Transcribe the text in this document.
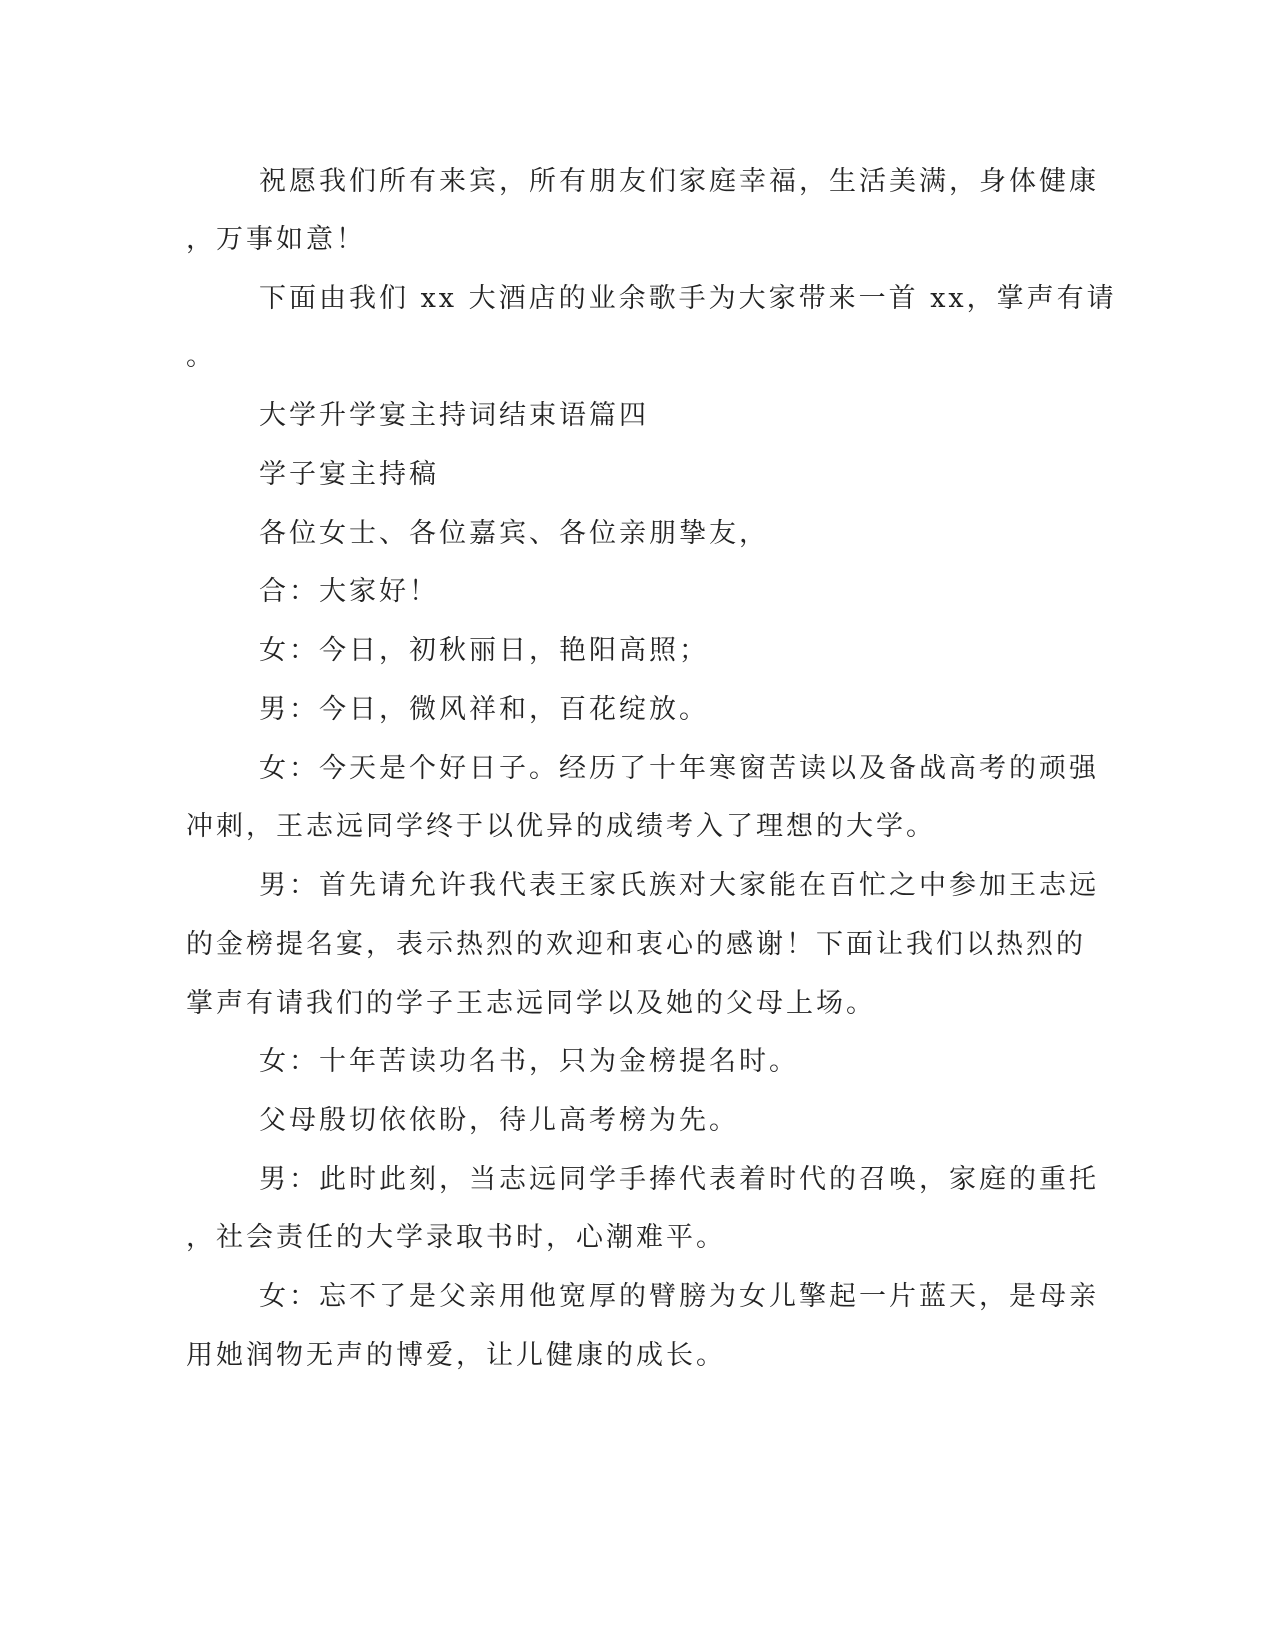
祝愿我们所有来宾，所有朋友们家庭幸福，生活美满，身体健康
，万事如意！
下面由我们 xx 大酒店的业余歌手为大家带来一首 xx，掌声有请
。
大学升学宴主持词结束语篇四
学子宴主持稿
各位女士、各位嘉宾、各位亲朋挚友，
合：大家好！
女：今日，初秋丽日，艳阳高照；
男：今日，微风祥和，百花绽放。
女：今天是个好日子。经历了十年寒窗苦读以及备战高考的顽强
冲刺，王志远同学终于以优异的成绩考入了理想的大学。
男：首先请允许我代表王家氏族对大家能在百忙之中参加王志远
的金榜提名宴，表示热烈的欢迎和衷心的感谢！下面让我们以热烈的
掌声有请我们的学子王志远同学以及她的父母上场。
女：十年苦读功名书，只为金榜提名时。
父母殷切依依盼，待儿高考榜为先。
男：此时此刻，当志远同学手捧代表着时代的召唤，家庭的重托
，社会责任的大学录取书时，心潮难平。
女：忘不了是父亲用他宽厚的臂膀为女儿擎起一片蓝天，是母亲
用她润物无声的博爱，让儿健康的成长。
